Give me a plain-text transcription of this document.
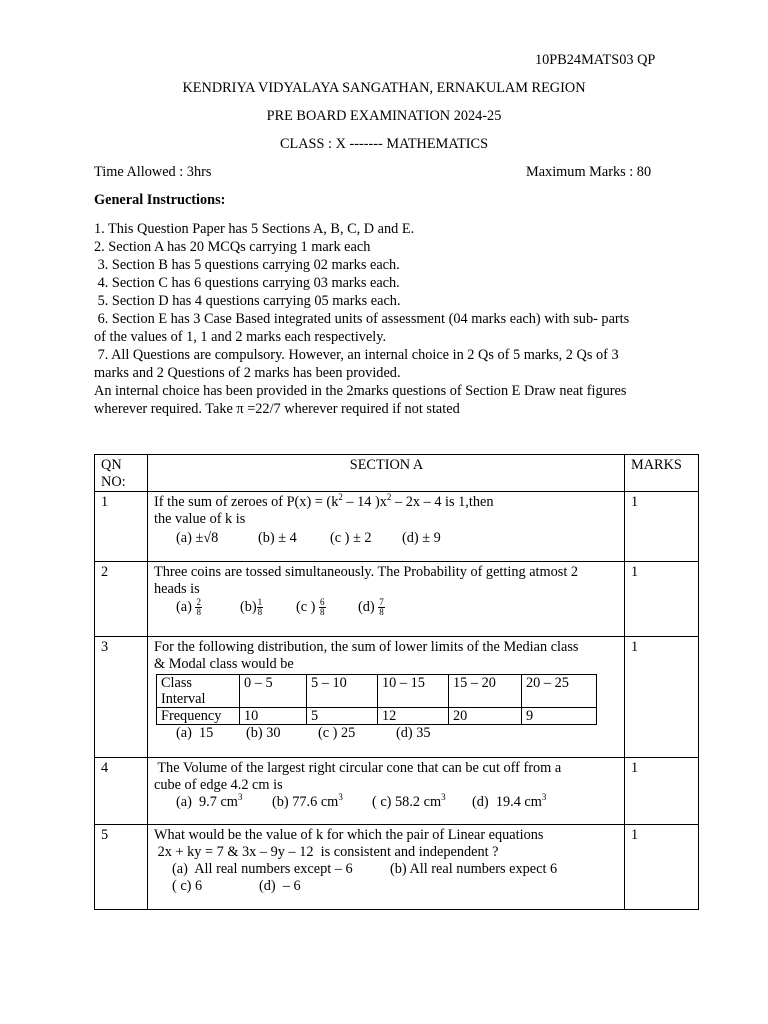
10PB24MATS03 QP
KENDRIYA VIDYALAYA SANGATHAN, ERNAKULAM REGION
PRE BOARD EXAMINATION 2024-25
CLASS : X ------- MATHEMATICS
Time Allowed : 3hrs	Maximum Marks : 80
General Instructions:
1. This Question Paper has 5 Sections A, B, C, D and E.
2. Section A has 20 MCQs carrying 1 mark each
3. Section B has 5 questions carrying 02 marks each.
4. Section C has 6 questions carrying 03 marks each.
5. Section D has 4 questions carrying 05 marks each.
6. Section E has 3 Case Based integrated units of assessment (04 marks each) with sub- parts
of the values of 1, 1 and 2 marks each respectively.
7. All Questions are compulsory. However, an internal choice in 2 Qs of 5 marks, 2 Qs of 3
marks and 2 Questions of 2 marks has been provided.
An internal choice has been provided in the 2marks questions of Section E Draw neat figures
wherever required. Take π =22/7 wherever required if not stated
QN NO:	SECTION A	MARKS
1	If the sum of zeroes of $P(x) = (k^2 - 14$ )$x^2 - 2x - 4$ is 1,then
the value of k is
(a) ±√8	(b) ± 4 (c ) ± 2 (d) ± 9
	1
2	Three coins are tossed simultaneously. The Probability of getting atmost 2
heads is
$(a) \frac{2}{8}$	$(b) \frac{1}{8} (c$ ) $\frac{6}{8} (d) \frac{7}{8}$
	1
3	For the following distribution, the sum of lower limits of the Median class
& Modal class would be
Class Interval	0 – 5	5 – 10	10 – 15	15 – 20	20 – 25
Frequency	10	5	12	20	9
(a)  15 (b) 30	(c ) 25	(d) 35
	1
4	The Volume of the largest right circular cone that can be cut off from a
cube of edge 4.2 cm is
(a)  9.7 $cm^3$ (b) 77.6 $cm^3$ ( c) 58.2 $cm^3$ (d)  19.4 $cm^3$
	1
5	What would be the value of k for which the pair of Linear equations
2x + ky = 7 & 3x – 9y – 12  is consistent and independent ?
(a)  All real numbers except – 6	(b) All real numbers expect 6
( c) 6	(d)  – 6
	1
